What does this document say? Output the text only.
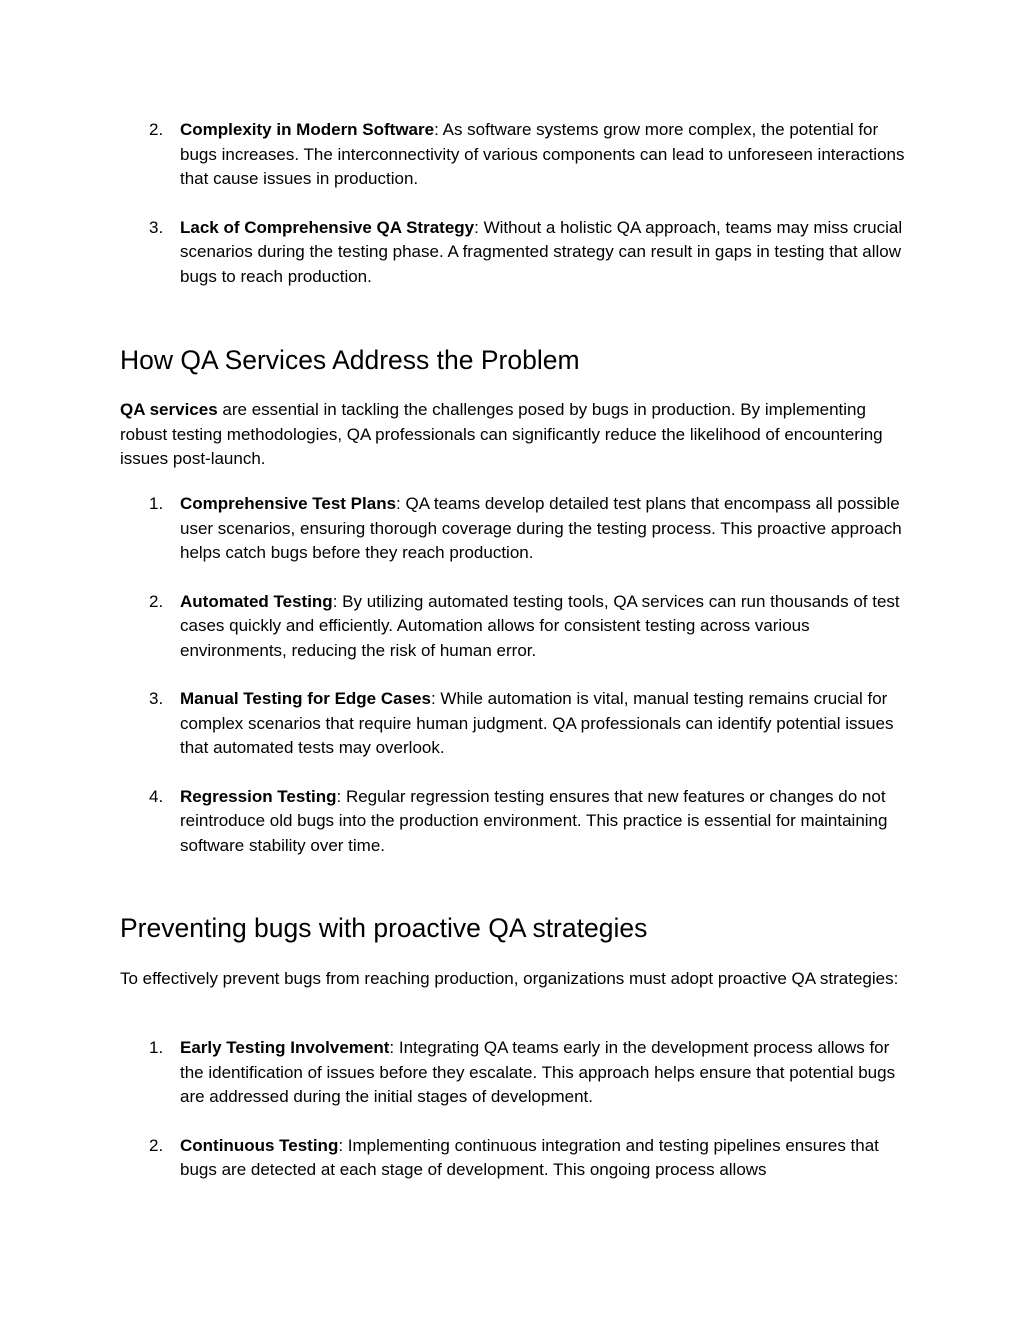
2. Complexity in Modern Software: As software systems grow more complex, the potential for bugs increases. The interconnectivity of various components can lead to unforeseen interactions that cause issues in production.
3. Lack of Comprehensive QA Strategy: Without a holistic QA approach, teams may miss crucial scenarios during the testing phase. A fragmented strategy can result in gaps in testing that allow bugs to reach production.
How QA Services Address the Problem

QA services are essential in tackling the challenges posed by bugs in production. By implementing robust testing methodologies, QA professionals can significantly reduce the likelihood of encountering issues post-launch.

1. Comprehensive Test Plans: QA teams develop detailed test plans that encompass all possible user scenarios, ensuring thorough coverage during the testing process. This proactive approach helps catch bugs before they reach production.
2. Automated Testing: By utilizing automated testing tools, QA services can run thousands of test cases quickly and efficiently. Automation allows for consistent testing across various environments, reducing the risk of human error.
3. Manual Testing for Edge Cases: While automation is vital, manual testing remains crucial for complex scenarios that require human judgment. QA professionals can identify potential issues that automated tests may overlook.
4. Regression Testing: Regular regression testing ensures that new features or changes do not reintroduce old bugs into the production environment. This practice is essential for maintaining software stability over time.
Preventing bugs with proactive QA strategies

To effectively prevent bugs from reaching production, organizations must adopt proactive QA strategies:

1. Early Testing Involvement: Integrating QA teams early in the development process allows for the identification of issues before they escalate. This approach helps ensure that potential bugs are addressed during the initial stages of development.
2. Continuous Testing: Implementing continuous integration and testing pipelines ensures that bugs are detected at each stage of development. This ongoing process allows
